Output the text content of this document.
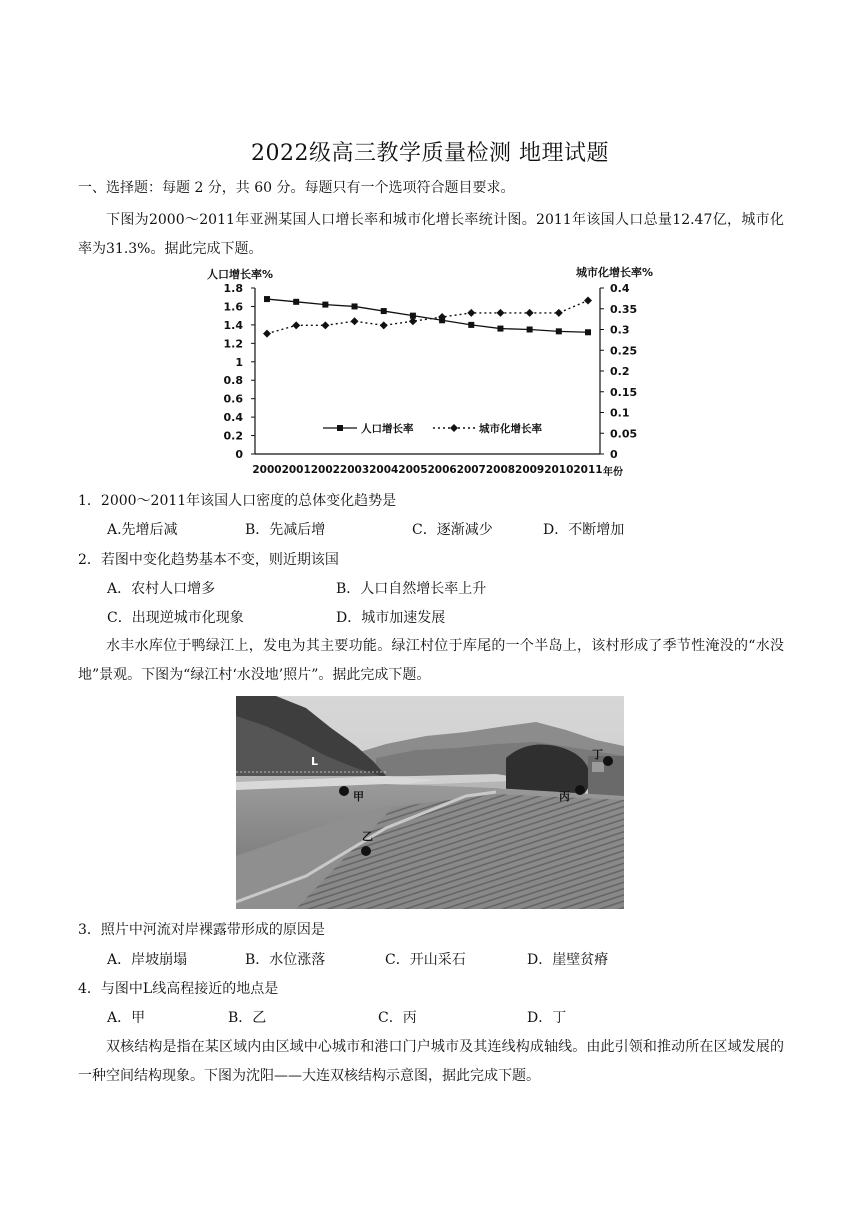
2022级高三教学质量检测 地理试题
一、选择题：每题 2 分，共 60 分。每题只有一个选项符合题目要求。
下图为2000～2011年亚洲某国人口增长率和城市化增长率统计图。2011年该国人口总量12.47亿，城市化率为31.3%。据此完成下题。
人口增长率%	城市化增长率%
0
0.2
0.4
0.6
0.8
1
1.2
1.4
1.6
1.8
0
0.05
0.1
0.15
0.2
0.25
0.3
0.35
0.4
2000 2001 2002 2003 2004 2005 2006 2007 2008 2009 2010 2011 年份
人口增长率	城市化增长率
1．2000～2011年该国人口密度的总体变化趋势是
A.先增后减	B．先减后增	C．逐渐减少	D．不断增加
2．若图中变化趋势基本不变，则近期该国
A．农村人口增多	B．人口自然增长率上升
C．出现逆城市化现象	D．城市加速发展
水丰水库位于鸭绿江上，发电为其主要功能。绿江村位于库尾的一个半岛上，该村形成了季节性淹没的“水没地”景观。下图为“绿江村‘水没地’照片”。据此完成下题。
L
甲
乙
丙
丁
3．照片中河流对岸裸露带形成的原因是
A．岸坡崩塌	B．水位涨落	C．开山采石	D．崖壁贫瘠
4．与图中L线高程接近的地点是
A．甲	B．乙	C．丙	D．丁
双核结构是指在某区域内由区域中心城市和港口门户城市及其连线构成轴线。由此引领和推动所在区域发展的一种空间结构现象。下图为沈阳——大连双核结构示意图，据此完成下题。
